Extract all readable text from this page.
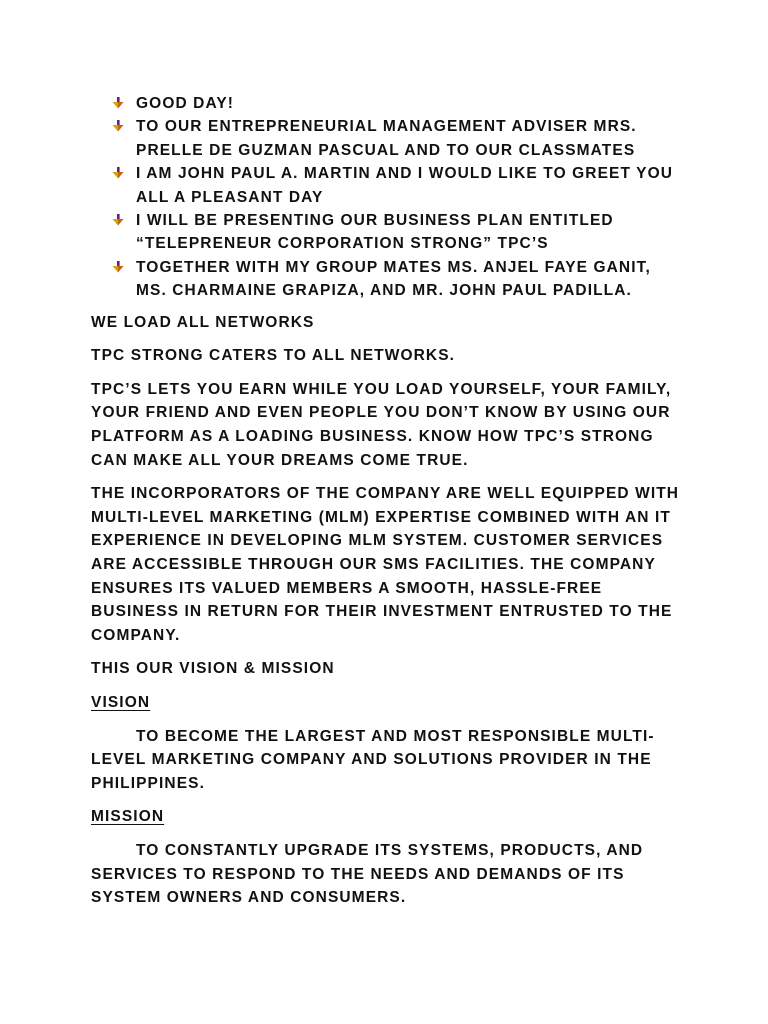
GOOD DAY!
TO OUR ENTREPRENEURIAL MANAGEMENT ADVISER MRS. PRELLE DE GUZMAN PASCUAL AND TO OUR CLASSMATES
I AM JOHN PAUL A. MARTIN AND I WOULD LIKE TO GREET YOU ALL A PLEASANT DAY
I WILL BE PRESENTING OUR BUSINESS PLAN ENTITLED “TELEPRENEUR CORPORATION STRONG” TPC’S
TOGETHER WITH MY GROUP MATES MS. ANJEL FAYE GANIT, MS. CHARMAINE GRAPIZA, AND MR. JOHN PAUL PADILLA.

WE LOAD ALL NETWORKS

TPC STRONG CATERS TO ALL NETWORKS.

TPC’S LETS YOU EARN WHILE YOU LOAD YOURSELF, YOUR FAMILY, YOUR FRIEND AND EVEN PEOPLE YOU DON’T KNOW BY USING OUR PLATFORM AS A LOADING BUSINESS. KNOW HOW TPC’S STRONG CAN MAKE ALL YOUR DREAMS COME TRUE.

THE INCORPORATORS OF THE COMPANY ARE WELL EQUIPPED WITH MULTI-LEVEL MARKETING (MLM) EXPERTISE COMBINED WITH AN IT EXPERIENCE IN DEVELOPING MLM SYSTEM. CUSTOMER SERVICES ARE ACCESSIBLE THROUGH OUR SMS FACILITIES. THE COMPANY ENSURES ITS VALUED MEMBERS A SMOOTH, HASSLE-FREE BUSINESS IN RETURN FOR THEIR INVESTMENT ENTRUSTED TO THE COMPANY.

THIS OUR VISION & MISSION

VISION

TO BECOME THE LARGEST AND MOST RESPONSIBLE MULTI-LEVEL MARKETING COMPANY AND SOLUTIONS PROVIDER IN THE PHILIPPINES.

MISSION

TO CONSTANTLY UPGRADE ITS SYSTEMS, PRODUCTS, AND SERVICES TO RESPOND TO THE NEEDS AND DEMANDS OF ITS SYSTEM OWNERS AND CONSUMERS.
